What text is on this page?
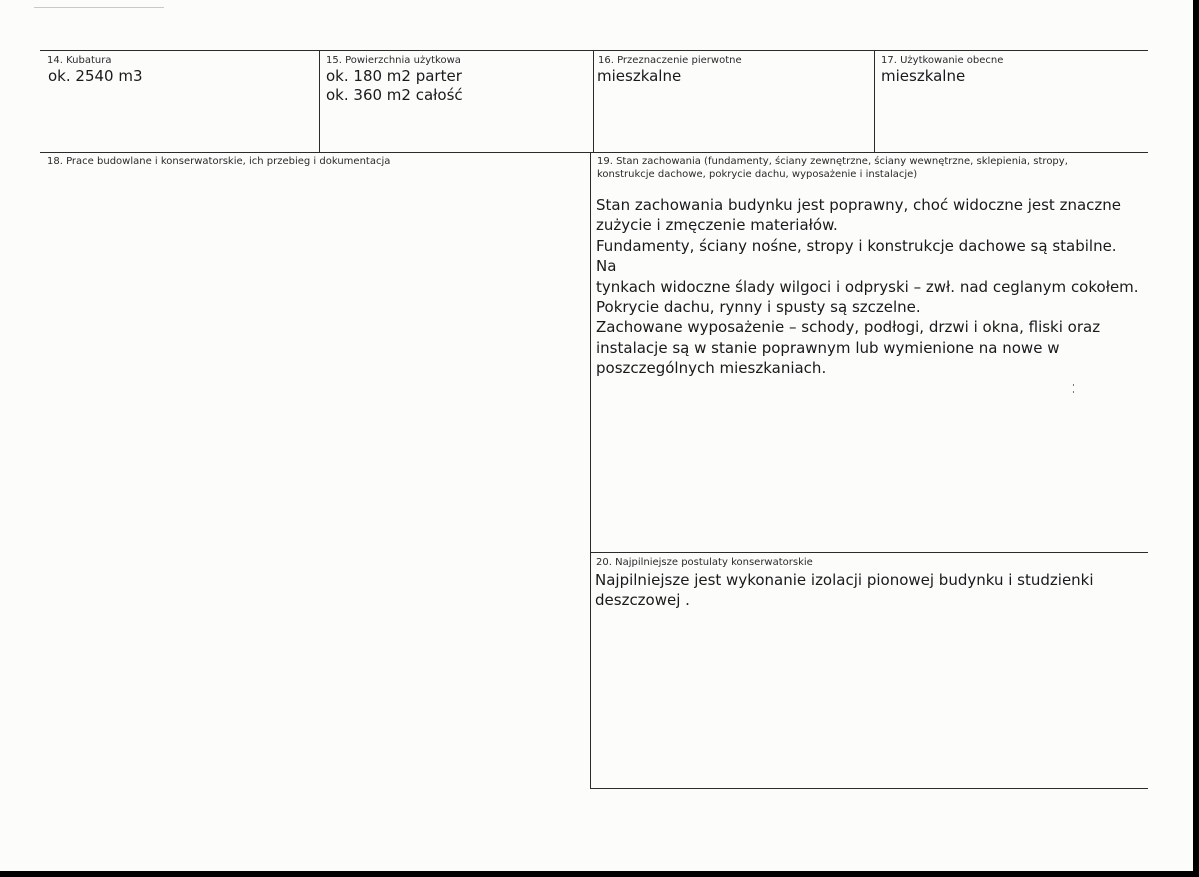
14. Kubatura
ok. 2540 m3
15. Powierzchnia użytkowa
ok. 180 m2 parter
ok. 360 m2 całość
16. Przeznaczenie pierwotne
mieszkalne
17. Użytkowanie obecne
mieszkalne
18. Prace budowlane i konserwatorskie, ich przebieg i dokumentacja	19. Stan zachowania (fundamenty, ściany zewnętrzne, ściany wewnętrzne, sklepienia, stropy, konstrukcje dachowe, pokrycie dachu, wyposażenie i instalacje)
Stan zachowania budynku jest poprawny, choć widoczne jest znaczne
zużycie i zmęczenie materiałów.
Fundamenty, ściany nośne, stropy i konstrukcje dachowe są stabilne. Na
tynkach widoczne ślady wilgoci i odpryski – zwł. nad ceglanym cokołem.
Pokrycie dachu, rynny i spusty są szczelne.
Zachowane wyposażenie – schody, podłogi, drzwi i okna, fliski oraz
instalacje są w stanie poprawnym lub wymienione na nowe w
poszczególnych mieszkaniach.
20. Najpilniejsze postulaty konserwatorskie
Najpilniejsze jest wykonanie izolacji pionowej budynku i studzienki
deszczowej .
